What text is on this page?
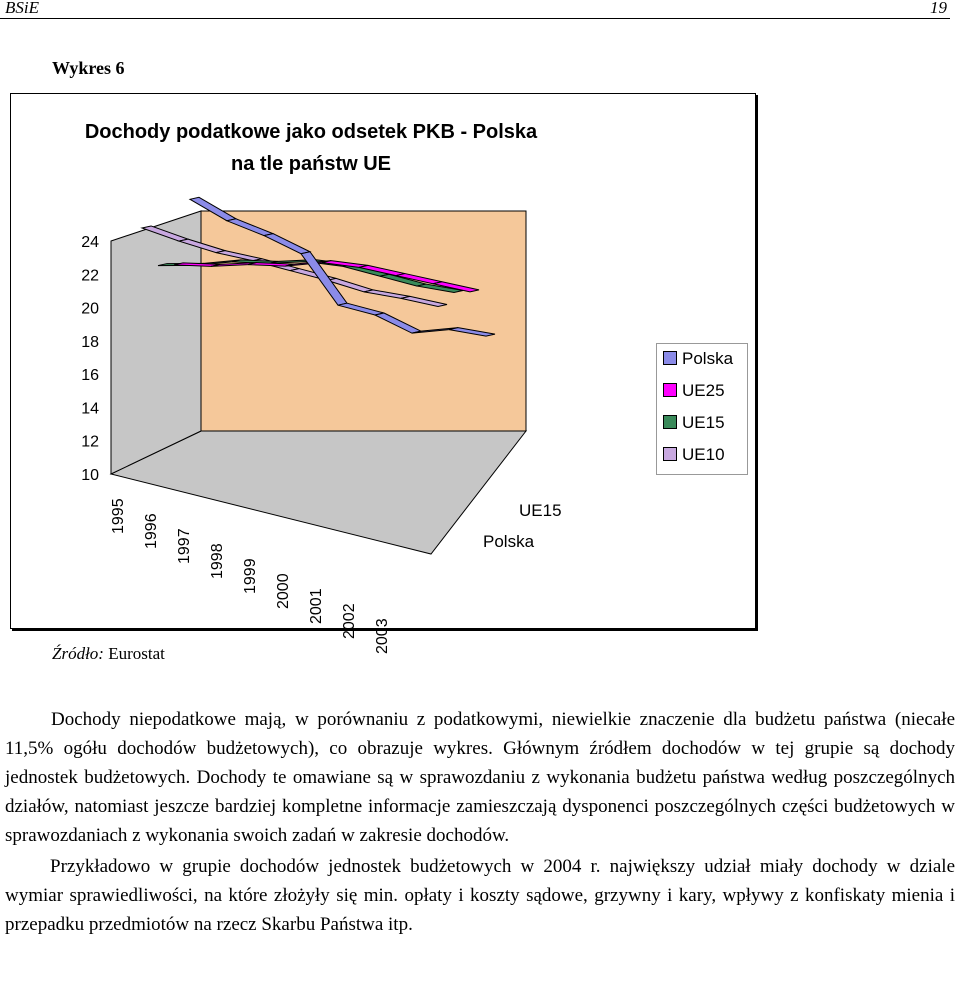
BSiE	19
Wykres 6
10
12
14
16
18
20
22
24
1995 1996 1997 1998 1999 2000 2001 2002 2003
UE15
Polska
Dochody podatkowe jako odsetek PKB - Polska
na tle państw UE
Polska
UE25
UE15
UE10
Źródło: Eurostat

Dochody niepodatkowe mają, w porównaniu z podatkowymi, niewielkie znaczenie dla budżetu państwa (niecałe 11,5% ogółu dochodów budżetowych), co obrazuje wykres. Głównym źródłem dochodów w tej grupie są dochody jednostek budżetowych. Dochody te omawiane są w sprawozdaniu z wykonania budżetu państwa według poszczególnych działów, natomiast jeszcze bardziej kompletne informacje zamieszczają dysponenci poszczególnych części budżetowych w sprawozdaniach z wykonania swoich zadań w zakresie dochodów.

Przykładowo w grupie dochodów jednostek budżetowych w 2004 r. największy udział miały dochody w dziale wymiar sprawiedliwości, na które złożyły się min. opłaty i koszty sądowe, grzywny i kary, wpływy z konfiskaty mienia i przepadku przedmiotów na rzecz Skarbu Państwa itp.
